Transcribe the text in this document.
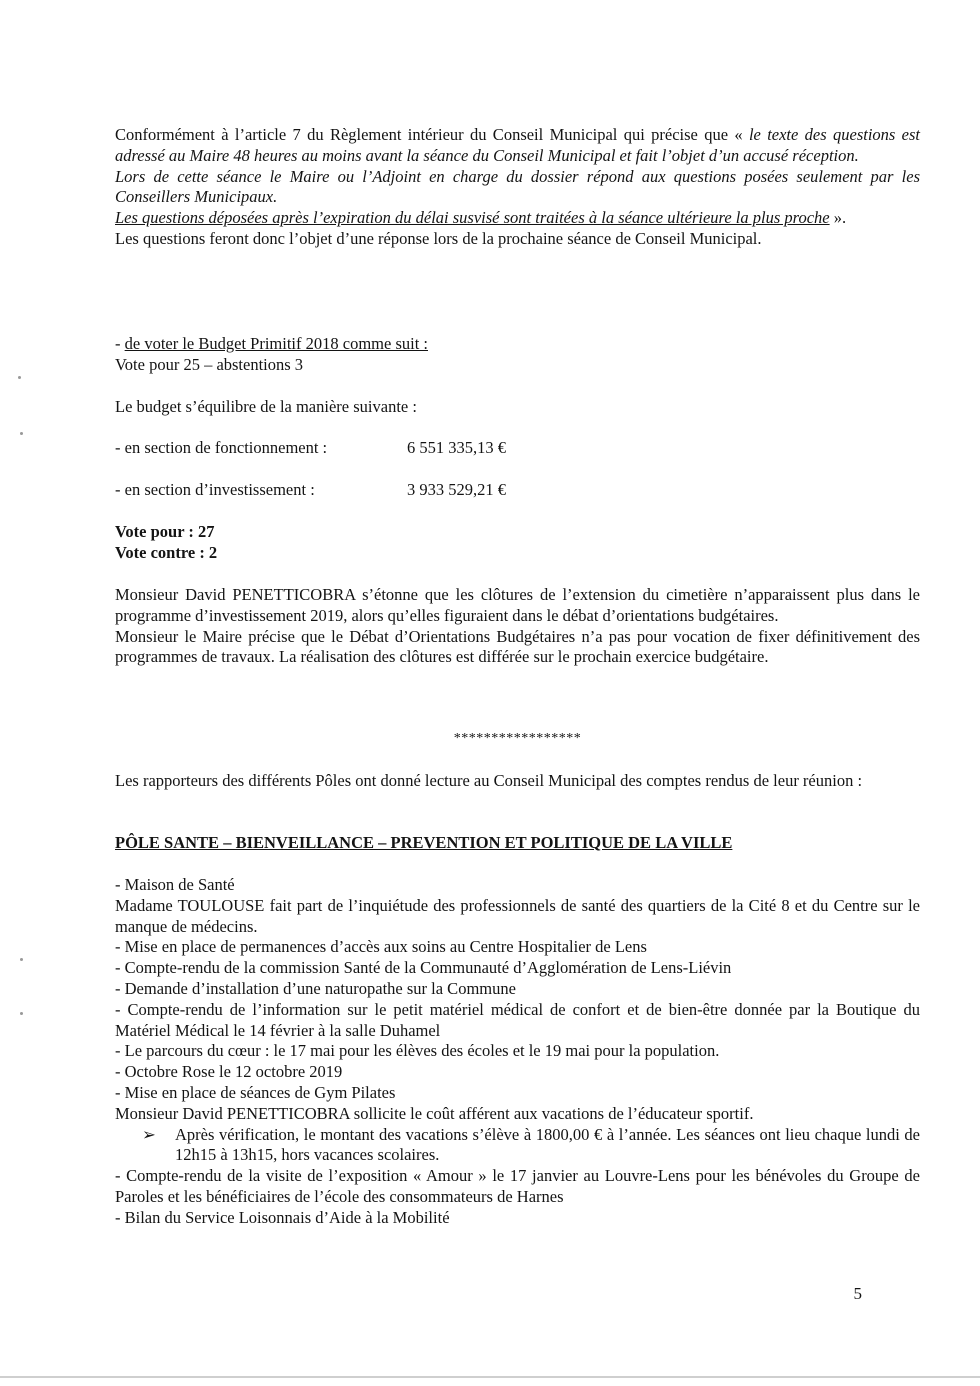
Conformément à l’article 7 du Règlement intérieur du Conseil Municipal qui précise que « le texte des questions est adressé au Maire 48 heures au moins avant la séance du Conseil Municipal et fait l’objet d’un accusé réception.

Lors de cette séance le Maire ou l’Adjoint en charge du dossier répond aux questions posées seulement par les Conseillers Municipaux.

Les questions déposées après l’expiration du délai susvisé sont traitées à la séance ultérieure la plus proche ».

Les questions feront donc l’objet d’une réponse lors de la prochaine séance de Conseil Municipal.

- de voter le Budget Primitif 2018 comme suit :

Vote pour 25 – abstentions 3

Le budget s’équilibre de la manière suivante :

- en section de fonctionnement :	6 551 335,13 €
- en section d’investissement :	3 933 529,21 €

Vote pour : 27

Vote contre : 2

Monsieur David PENETTICOBRA s’étonne que les clôtures de l’extension du cimetière n’apparaissent plus dans le programme d’investissement 2019, alors qu’elles figuraient dans le débat d’orientations budgétaires.

Monsieur le Maire précise que le Débat d’Orientations Budgétaires n’a pas pour vocation de fixer définitivement des programmes de travaux. La réalisation des clôtures est différée sur le prochain exercice budgétaire.

*****************

Les rapporteurs des différents Pôles ont donné lecture au Conseil Municipal des comptes rendus de leur réunion :

PÔLE SANTE – BIENVEILLANCE – PREVENTION ET POLITIQUE DE LA VILLE

- Maison de Santé

Madame TOULOUSE fait part de l’inquiétude des professionnels de santé des quartiers de la Cité 8 et du Centre sur le manque de médecins.

- Mise en place de permanences d’accès aux soins au Centre Hospitalier de Lens

- Compte-rendu de la commission Santé de la Communauté d’Agglomération de Lens-Liévin

- Demande d’installation d’une naturopathe sur la Commune

- Compte-rendu de l’information sur le petit matériel médical de confort et de bien-être donnée par la Boutique du Matériel Médical le 14 février à la salle Duhamel

- Le parcours du cœur : le 17 mai pour les élèves des écoles et le 19 mai pour la population.

- Octobre Rose le 12 octobre 2019

- Mise en place de séances de Gym Pilates

Monsieur David PENETTICOBRA sollicite le coût afférent aux vacations de l’éducateur sportif.

➢	Après vérification, le montant des vacations s’élève à 1800,00 € à l’année. Les séances ont lieu chaque lundi de 12h15 à 13h15, hors vacances scolaires.

- Compte-rendu de la visite de l’exposition « Amour » le 17 janvier au Louvre-Lens pour les bénévoles du Groupe de Paroles et les bénéficiaires de l’école des consommateurs de Harnes

- Bilan du Service Loisonnais d’Aide à la Mobilité

5
